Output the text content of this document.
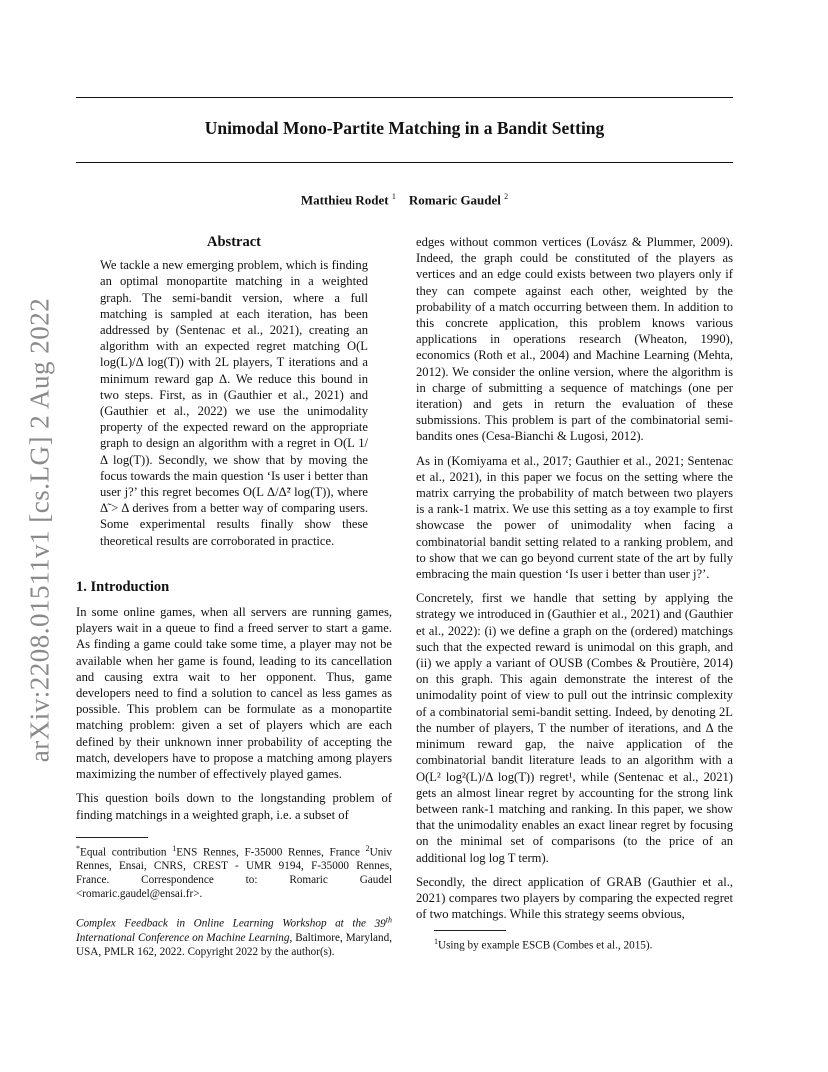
arXiv:2208.01511v1 [cs.LG] 2 Aug 2022
Unimodal Mono-Partite Matching in a Bandit Setting
Matthieu Rodet $^1$ Romaric Gaudel $^2$
Abstract

We tackle a new emerging problem, which is finding an optimal monopartite matching in a weighted graph. The semi-bandit version, where a full matching is sampled at each iteration, has been addressed by (Sentenac et al., 2021), creating an algorithm with an expected regret matching O(L log(L)/Δ log(T)) with 2L players, T iterations and a minimum reward gap Δ. We reduce this bound in two steps. First, as in (Gauthier et al., 2021) and (Gauthier et al., 2022) we use the unimodality property of the expected reward on the appropriate graph to design an algorithm with a regret in O(L 1/Δ log(T)). Secondly, we show that by moving the focus towards the main question ‘Is user i better than user j?’ this regret becomes O(L Δ/Δ̃² log(T)), where Δ̃ > Δ derives from a better way of comparing users. Some experimental results finally show these theoretical results are corroborated in practice.

1. Introduction

In some online games, when all servers are running games, players wait in a queue to find a freed server to start a game. As finding a game could take some time, a player may not be available when her game is found, leading to its cancellation and causing extra wait to her opponent. Thus, game developers need to find a solution to cancel as less games as possible. This problem can be formulate as a monopartite matching problem: given a set of players which are each defined by their unknown inner probability of accepting the match, developers have to propose a matching among players maximizing the number of effectively played games.

This question boils down to the longstanding problem of finding matchings in a weighted graph, i.e. a subset of

*Equal contribution $^1$ENS Rennes, F-35000 Rennes, France $^2$Univ Rennes, Ensai, CNRS, CREST - UMR 9194, F-35000 Rennes, France.	Correspondence to: Romaric Gaudel <romaric.gaudel@ensai.fr>.
Complex Feedback in Online Learning Workshop at the 39th International Conference on Machine Learning, Baltimore, Maryland, USA, PMLR 162, 2022. Copyright 2022 by the author(s).

edges without common vertices (Lovász & Plummer, 2009). Indeed, the graph could be constituted of the players as vertices and an edge could exists between two players only if they can compete against each other, weighted by the probability of a match occurring between them. In addition to this concrete application, this problem knows various applications in operations research (Wheaton, 1990), economics (Roth et al., 2004) and Machine Learning (Mehta, 2012). We consider the online version, where the algorithm is in charge of submitting a sequence of matchings (one per iteration) and gets in return the evaluation of these submissions. This problem is part of the combinatorial semi-bandits ones (Cesa-Bianchi & Lugosi, 2012).

As in (Komiyama et al., 2017; Gauthier et al., 2021; Sentenac et al., 2021), in this paper we focus on the setting where the matrix carrying the probability of match between two players is a rank-1 matrix. We use this setting as a toy example to first showcase the power of unimodality when facing a combinatorial bandit setting related to a ranking problem, and to show that we can go beyond current state of the art by fully embracing the main question ‘Is user i better than user j?’.

Concretely, first we handle that setting by applying the strategy we introduced in (Gauthier et al., 2021) and (Gauthier et al., 2022): (i) we define a graph on the (ordered) matchings such that the expected reward is unimodal on this graph, and (ii) we apply a variant of OUSB (Combes & Proutière, 2014) on this graph. This again demonstrate the interest of the unimodality point of view to pull out the intrinsic complexity of a combinatorial semi-bandit setting. Indeed, by denoting 2L the number of players, T the number of iterations, and Δ the minimum reward gap, the naive application of the combinatorial bandit literature leads to an algorithm with a O(L² log²(L)/Δ log(T)) regret¹, while (Sentenac et al., 2021) gets an almost linear regret by accounting for the strong link between rank-1 matching and ranking. In this paper, we show that the unimodality enables an exact linear regret by focusing on the minimal set of comparisons (to the price of an additional log log T term).

Secondly, the direct application of GRAB (Gauthier et al., 2021) compares two players by comparing the expected regret of two matchings. While this strategy seems obvious,

$^1$Using by example ESCB (Combes et al., 2015).
